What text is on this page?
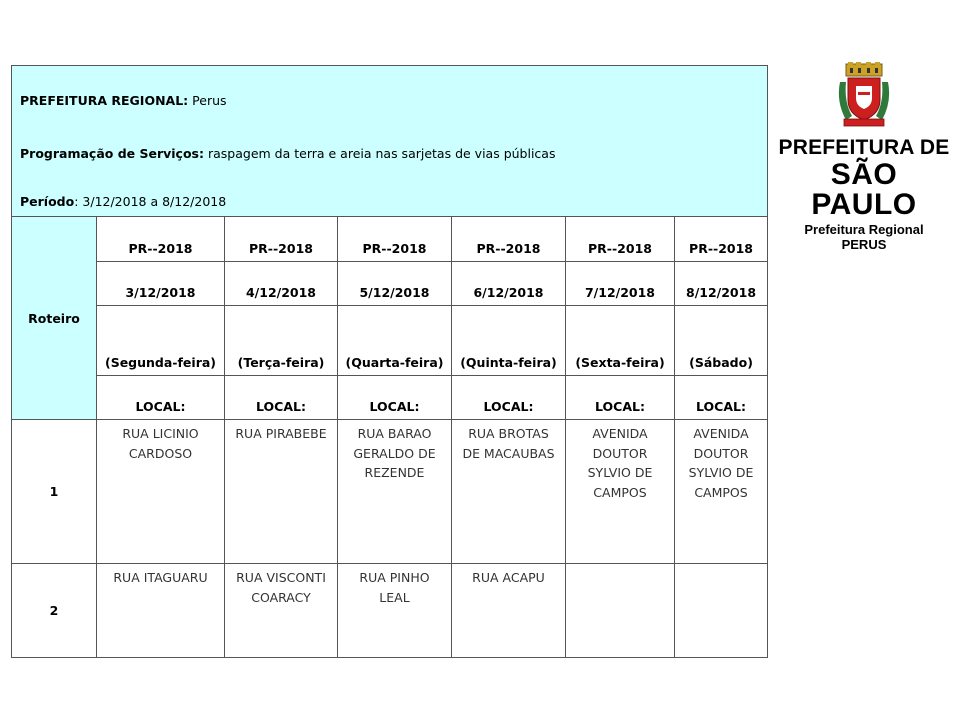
PREFEITURA REGIONAL: Perus
Programação de Serviços: raspagem da terra e areia nas sarjetas de vias públicas
Período: 3/12/2018 a 8/12/2018						

Roteiro	PR--2018	PR--2018	PR--2018	PR--2018	PR--2018	PR--2018
	3/12/2018	4/12/2018	5/12/2018	6/12/2018	7/12/2018	8/12/2018
	(Segunda-feira)	(Terça-feira)	(Quarta-feira)	(Quinta-feira)	(Sexta-feira)	(Sábado)
	LOCAL:	LOCAL:	LOCAL:	LOCAL:	LOCAL:	LOCAL:
1	RUA LICINIO CARDOSO	RUA PIRABEBE	RUA BARAO GERALDO DE REZENDE	RUA BROTAS DE MACAUBAS	AVENIDA DOUTOR SYLVIO DE CAMPOS	AVENIDA DOUTOR SYLVIO DE CAMPOS
2	RUA ITAGUARU	RUA VISCONTI COARACY	RUA PINHO LEAL	RUA ACAPU		
PREFEITURA DE
SÃO PAULO
Prefeitura Regional
PERUS
